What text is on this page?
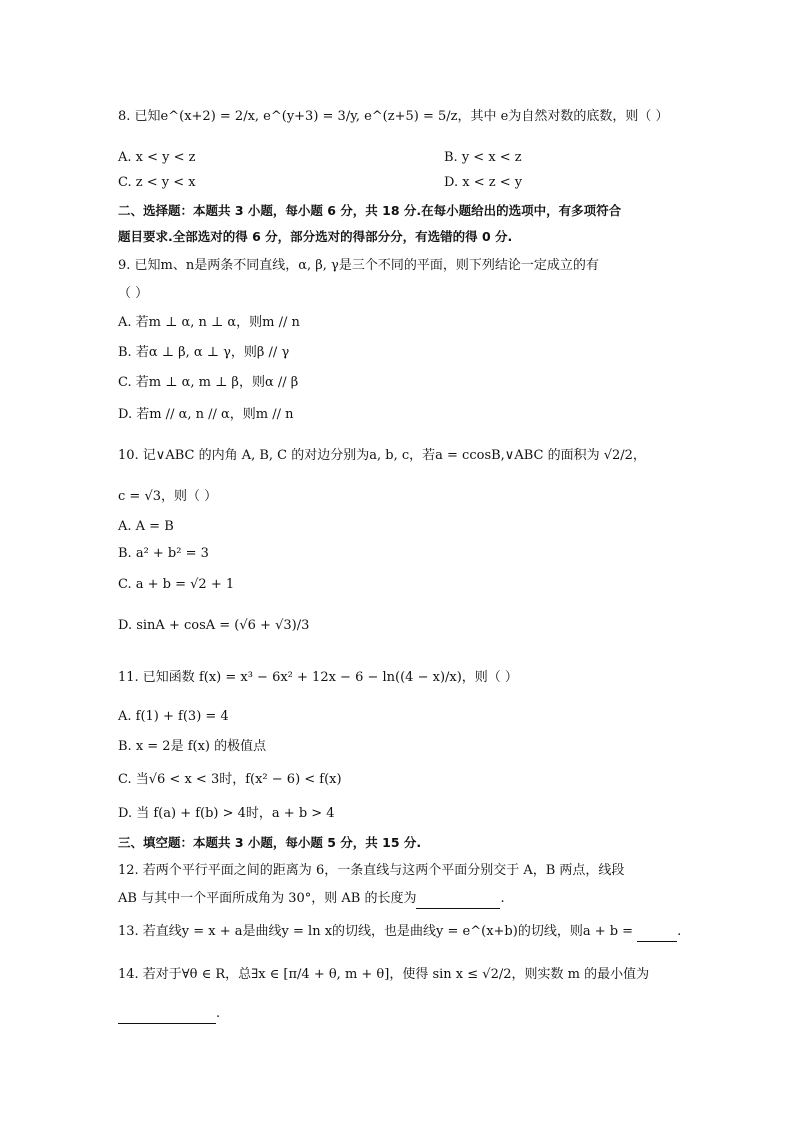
8. 已知e^(x+2) = 2/x, e^(y+3) = 3/y, e^(z+5) = 5/z，其中 e为自然对数的底数，则（ ）
A. x < y < z	B. y < x < z
C. z < y < x	D. x < z < y
二、选择题：本题共 3 小题，每小题 6 分，共 18 分.在每小题给出的选项中，有多项符合
题目要求.全部选对的得 6 分，部分选对的得部分分，有选错的得 0 分.
9. 已知m、n是两条不同直线，α, β, γ是三个不同的平面，则下列结论一定成立的有
（ ）
A. 若m ⊥ α, n ⊥ α，则m // n
B. 若α ⊥ β, α ⊥ γ，则β // γ
C. 若m ⊥ α, m ⊥ β，则α // β
D. 若m // α, n // α，则m // n
10. 记∨ABC 的内角 A, B, C 的对边分别为a, b, c，若a = ccosB,∨ABC 的面积为 √2/2，
c = √3，则（ ）
A. A = B
B. a² + b² = 3
C. a + b = √2 + 1
D. sinA + cosA = (√6 + √3)/3
11. 已知函数 f(x) = x³ − 6x² + 12x − 6 − ln((4 − x)/x)，则（ ）
A. f(1) + f(3) = 4
B. x = 2是 f(x) 的极值点
C. 当√6 < x < 3时，f(x² − 6) < f(x)
D. 当 f(a) + f(b) > 4时，a + b > 4
三、填空题：本题共 3 小题，每小题 5 分，共 15 分.
12. 若两个平行平面之间的距离为 6，一条直线与这两个平面分别交于 A，B 两点，线段
AB 与其中一个平面所成角为 30°，则 AB 的长度为	.
13. 若直线y = x + a是曲线y = ln x的切线，也是曲线y = e^(x+b)的切线，则a + b =	.
14. 若对于∀θ ∈ R，总∃x ∈ [π/4 + θ, m + θ]，使得 sin x ≤ √2/2，则实数 m 的最小值为
.
